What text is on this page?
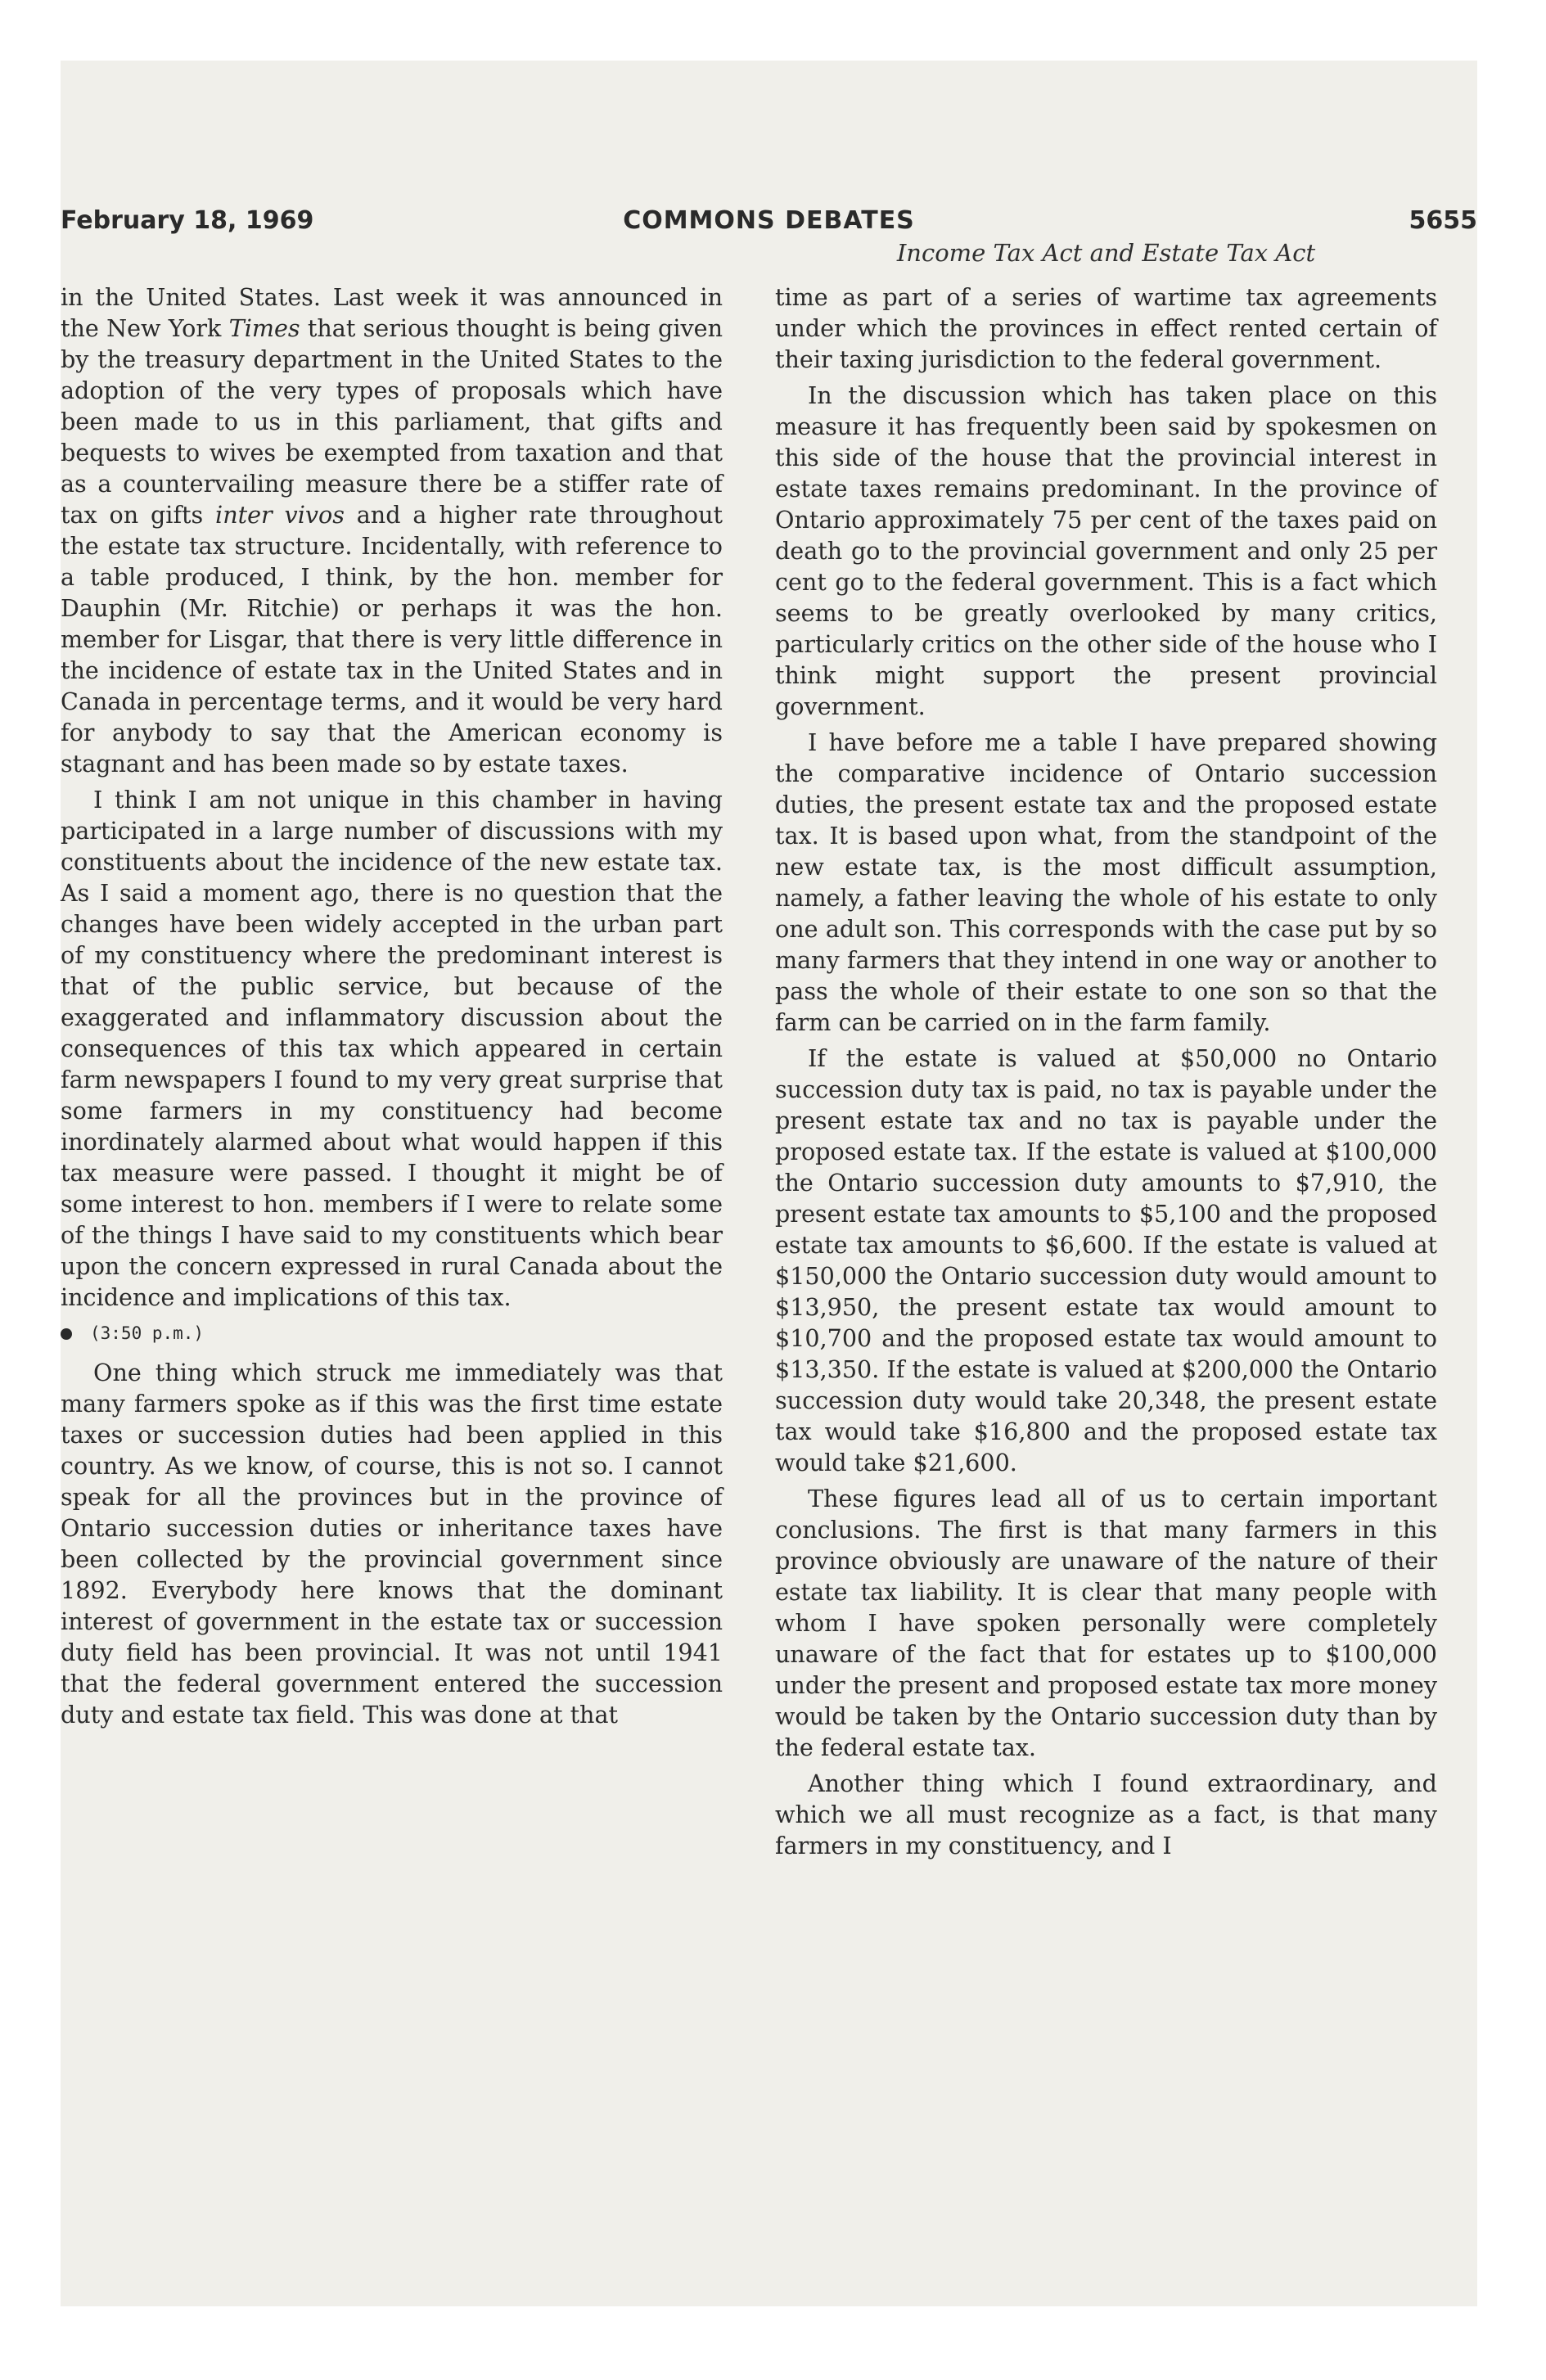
February 18, 1969	COMMONS DEBATES	5655
Income Tax Act and Estate Tax Act

in the United States. Last week it was announced in the New York Times that serious thought is being given by the treasury department in the United States to the adoption of the very types of proposals which have been made to us in this parliament, that gifts and bequests to wives be exempted from taxation and that as a countervailing measure there be a stiffer rate of tax on gifts inter vivos and a higher rate throughout the estate tax structure. Incidentally, with reference to a table produced, I think, by the hon. member for Dauphin (Mr. Ritchie) or perhaps it was the hon. member for Lisgar, that there is very little difference in the incidence of estate tax in the United States and in Canada in percentage terms, and it would be very hard for anybody to say that the American economy is stagnant and has been made so by estate taxes.

I think I am not unique in this chamber in having participated in a large number of discussions with my constituents about the incidence of the new estate tax. As I said a moment ago, there is no question that the changes have been widely accepted in the urban part of my constituency where the predominant interest is that of the public service, but because of the exaggerated and inflammatory discussion about the consequences of this tax which appeared in certain farm newspapers I found to my very great surprise that some farmers in my constituency had become inordinately alarmed about what would happen if this tax measure were passed. I thought it might be of some interest to hon. members if I were to relate some of the things I have said to my constituents which bear upon the concern expressed in rural Canada about the incidence and implications of this tax.

(3:50 p.m.)

One thing which struck me immediately was that many farmers spoke as if this was the first time estate taxes or succession duties had been applied in this country. As we know, of course, this is not so. I cannot speak for all the provinces but in the province of Ontario succession duties or inheritance taxes have been collected by the provincial government since 1892. Everybody here knows that the dominant interest of government in the estate tax or succession duty field has been provincial. It was not until 1941 that the federal government entered the succession duty and estate tax field. This was done at that

time as part of a series of wartime tax agreements under which the provinces in effect rented certain of their taxing jurisdiction to the federal government.

In the discussion which has taken place on this measure it has frequently been said by spokesmen on this side of the house that the provincial interest in estate taxes remains predominant. In the province of Ontario approximately 75 per cent of the taxes paid on death go to the provincial government and only 25 per cent go to the federal government. This is a fact which seems to be greatly overlooked by many critics, particularly critics on the other side of the house who I think might support the present provincial government.

I have before me a table I have prepared showing the comparative incidence of Ontario succession duties, the present estate tax and the proposed estate tax. It is based upon what, from the standpoint of the new estate tax, is the most difficult assumption, namely, a father leaving the whole of his estate to only one adult son. This corresponds with the case put by so many farmers that they intend in one way or another to pass the whole of their estate to one son so that the farm can be carried on in the farm family.

If the estate is valued at $50,000 no Ontario succession duty tax is paid, no tax is payable under the present estate tax and no tax is payable under the proposed estate tax. If the estate is valued at $100,000 the Ontario succession duty amounts to $7,910, the present estate tax amounts to $5,100 and the proposed estate tax amounts to $6,600. If the estate is valued at $150,000 the Ontario succession duty would amount to $13,950, the present estate tax would amount to $10,700 and the proposed estate tax would amount to $13,350. If the estate is valued at $200,000 the Ontario succession duty would take 20,348, the present estate tax would take $16,800 and the proposed estate tax would take $21,600.

These figures lead all of us to certain important conclusions. The first is that many farmers in this province obviously are unaware of the nature of their estate tax liability. It is clear that many people with whom I have spoken personally were completely unaware of the fact that for estates up to $100,000 under the present and proposed estate tax more money would be taken by the Ontario succession duty than by the federal estate tax.

Another thing which I found extraordinary, and which we all must recognize as a fact, is that many farmers in my constituency, and I
